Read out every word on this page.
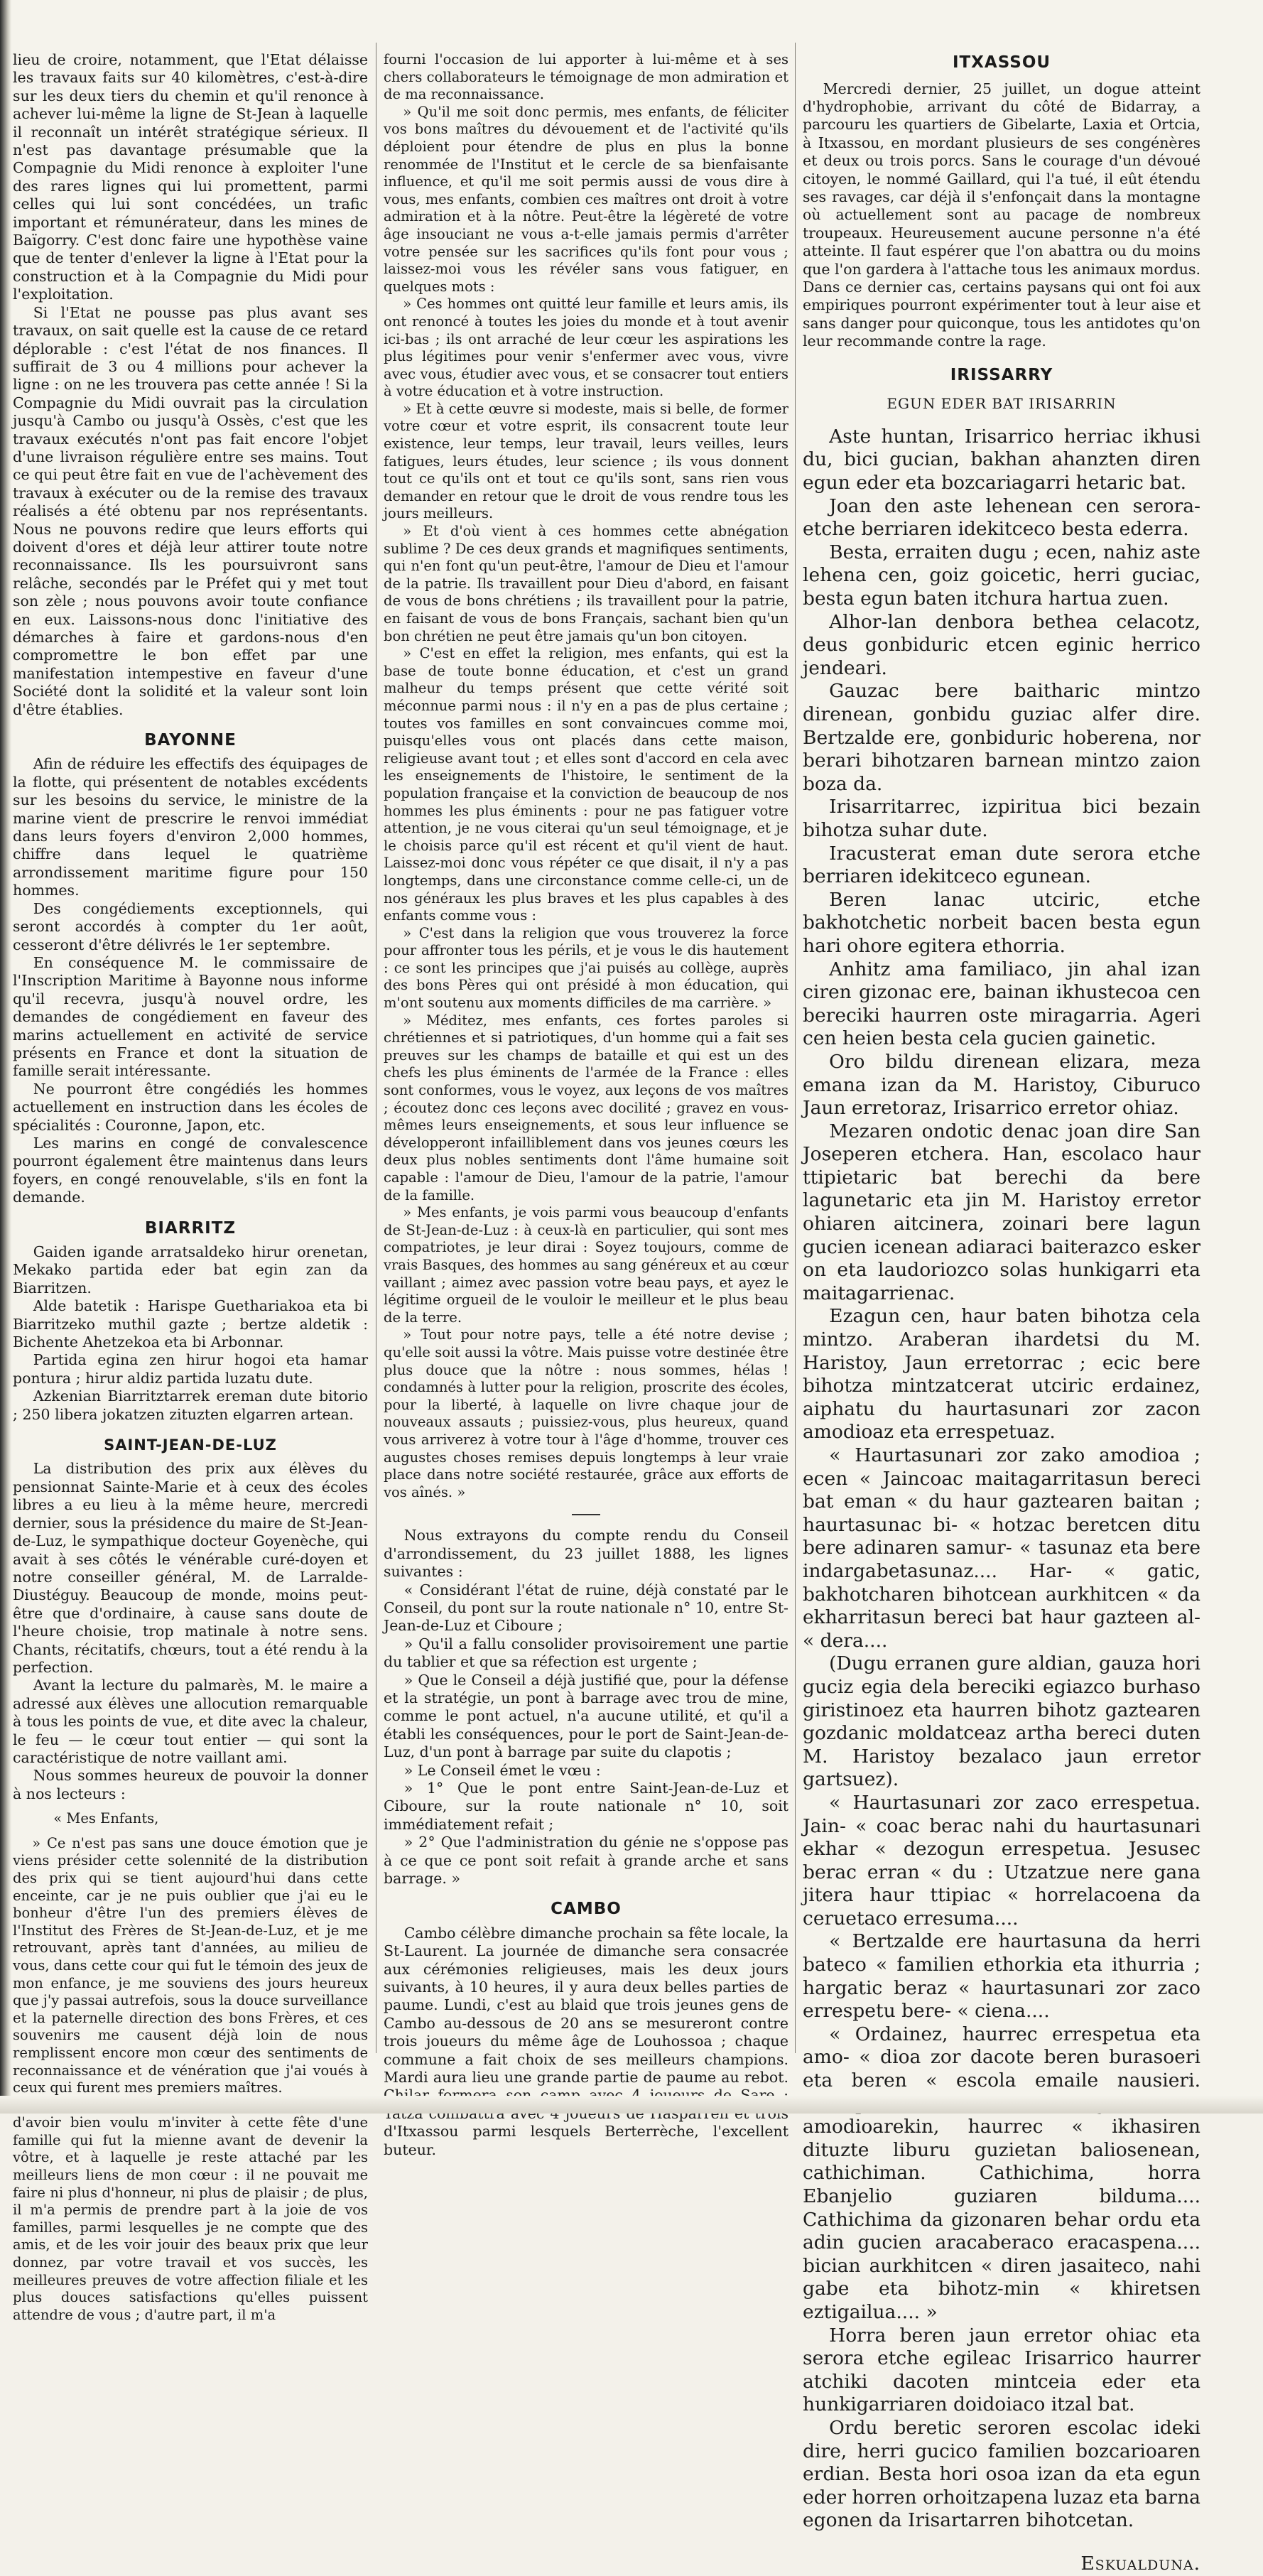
lieu de croire, notamment, que l'Etat délaisse les travaux faits sur 40 kilomètres, c'est-à-dire sur les deux tiers du chemin et qu'il renonce à achever lui-même la ligne de St-Jean à laquelle il reconnaît un intérêt stratégique sérieux. Il n'est pas davantage présumable que la Compagnie du Midi renonce à exploiter l'une des rares lignes qui lui promettent, parmi celles qui lui sont concédées, un trafic important et rémunérateur, dans les mines de Baïgorry. C'est donc faire une hypothèse vaine que de tenter d'enlever la ligne à l'Etat pour la construction et à la Compagnie du Midi pour l'exploitation.

Si l'Etat ne pousse pas plus avant ses travaux, on sait quelle est la cause de ce retard déplorable : c'est l'état de nos finances. Il suffirait de 3 ou 4 millions pour achever la ligne : on ne les trouvera pas cette année ! Si la Compagnie du Midi ouvrait pas la circulation jusqu'à Cambo ou jusqu'à Ossès, c'est que les travaux exécutés n'ont pas fait encore l'objet d'une livraison régulière entre ses mains. Tout ce qui peut être fait en vue de l'achèvement des travaux à exécuter ou de la remise des travaux réalisés a été obtenu par nos représentants. Nous ne pouvons redire que leurs efforts qui doivent d'ores et déjà leur attirer toute notre reconnaissance. Ils les poursuivront sans relâche, secondés par le Préfet qui y met tout son zèle ; nous pouvons avoir toute confiance en eux. Laissons-nous donc l'initiative des démarches à faire et gardons-nous d'en compromettre le bon effet par une manifestation intempestive en faveur d'une Société dont la solidité et la valeur sont loin d'être établies.

BAYONNE

Afin de réduire les effectifs des équipages de la flotte, qui présentent de notables excédents sur les besoins du service, le ministre de la marine vient de prescrire le renvoi immédiat dans leurs foyers d'environ 2,000 hommes, chiffre dans lequel le quatrième arrondissement maritime figure pour 150 hommes.

Des congédiements exceptionnels, qui seront accordés à compter du 1er août, cesseront d'être délivrés le 1er septembre.

En conséquence M. le commissaire de l'Inscription Maritime à Bayonne nous informe qu'il recevra, jusqu'à nouvel ordre, les demandes de congédiement en faveur des marins actuellement en activité de service présents en France et dont la situation de famille serait intéressante.

Ne pourront être congédiés les hommes actuellement en instruction dans les écoles de spécialités : Couronne, Japon, etc.

Les marins en congé de convalescence pourront également être maintenus dans leurs foyers, en congé renouvelable, s'ils en font la demande.

BIARRITZ

Gaiden igande arratsaldeko hirur orenetan, Mekako partida eder bat egin zan da Biarritzen.

Alde batetik : Harispe Guethariakoa eta bi Biarritzeko muthil gazte ; bertze aldetik : Bichente Ahetzekoa eta bi Arbonnar.

Partida egina zen hirur hogoi eta hamar pontura ; hirur aldiz partida luzatu dute.

Azkenian Biarritztarrek ereman dute bitorio ; 250 libera jokatzen zituzten elgarren artean.

SAINT-JEAN-DE-LUZ

La distribution des prix aux élèves du pensionnat Sainte-Marie et à ceux des écoles libres a eu lieu à la même heure, mercredi dernier, sous la présidence du maire de St-Jean-de-Luz, le sympathique docteur Goyenèche, qui avait à ses côtés le vénérable curé-doyen et notre conseiller général, M. de Larralde-Diustéguy. Beaucoup de monde, moins peut-être que d'ordinaire, à cause sans doute de l'heure choisie, trop matinale à notre sens. Chants, récitatifs, chœurs, tout a été rendu à la perfection.

Avant la lecture du palmarès, M. le maire a adressé aux élèves une allocution remarquable à tous les points de vue, et dite avec la chaleur, le feu — le cœur tout entier — qui sont la caractéristique de notre vaillant ami.

Nous sommes heureux de pouvoir la donner à nos lecteurs :

« Mes Enfants,

» Ce n'est pas sans une douce émotion que je viens présider cette solennité de la distribution des prix qui se tient aujourd'hui dans cette enceinte, car je ne puis oublier que j'ai eu le bonheur d'être l'un des premiers élèves de l'Institut des Frères de St-Jean-de-Luz, et je me retrouvant, après tant d'années, au milieu de vous, dans cette cour qui fut le témoin des jeux de mon enfance, je me souviens des jours heureux que j'y passai autrefois, sous la douce surveillance et la paternelle direction des bons Frères, et ces souvenirs me causent déjà loin de nous remplissent encore mon cœur des sentiments de reconnaissance et de vénération que j'ai voués à ceux qui furent mes premiers maîtres.

d'avoir bien voulu m'inviter à cette fête d'une famille qui fut la mienne avant de devenir la vôtre, et à laquelle je reste attaché par les meilleurs liens de mon cœur : il ne pouvait me faire ni plus d'honneur, ni plus de plaisir ; de plus, il m'a permis de prendre part à la joie de vos familles, parmi lesquelles je ne compte que des amis, et de les voir jouir des beaux prix que leur donnez, par votre travail et vos succès, les meilleures preuves de votre affection filiale et les plus douces satisfactions qu'elles puissent attendre de vous ; d'autre part, il m'a

fourni l'occasion de lui apporter à lui-même et à ses chers collaborateurs le témoignage de mon admiration et de ma reconnaissance.

» Qu'il me soit donc permis, mes enfants, de féliciter vos bons maîtres du dévouement et de l'activité qu'ils déploient pour étendre de plus en plus la bonne renommée de l'Institut et le cercle de sa bienfaisante influence, et qu'il me soit permis aussi de vous dire à vous, mes enfants, combien ces maîtres ont droit à votre admiration et à la nôtre. Peut-être la légèreté de votre âge insouciant ne vous a-t-elle jamais permis d'arrêter votre pensée sur les sacrifices qu'ils font pour vous ; laissez-moi vous les révéler sans vous fatiguer, en quelques mots :

» Ces hommes ont quitté leur famille et leurs amis, ils ont renoncé à toutes les joies du monde et à tout avenir ici-bas ; ils ont arraché de leur cœur les aspirations les plus légitimes pour venir s'enfermer avec vous, vivre avec vous, étudier avec vous, et se consacrer tout entiers à votre éducation et à votre instruction.

» Et à cette œuvre si modeste, mais si belle, de former votre cœur et votre esprit, ils consacrent toute leur existence, leur temps, leur travail, leurs veilles, leurs fatigues, leurs études, leur science ; ils vous donnent tout ce qu'ils ont et tout ce qu'ils sont, sans rien vous demander en retour que le droit de vous rendre tous les jours meilleurs.

» Et d'où vient à ces hommes cette abnégation sublime ? De ces deux grands et magnifiques sentiments, qui n'en font qu'un peut-être, l'amour de Dieu et l'amour de la patrie. Ils travaillent pour Dieu d'abord, en faisant de vous de bons chrétiens ; ils travaillent pour la patrie, en faisant de vous de bons Français, sachant bien qu'un bon chrétien ne peut être jamais qu'un bon citoyen.

» C'est en effet la religion, mes enfants, qui est la base de toute bonne éducation, et c'est un grand malheur du temps présent que cette vérité soit méconnue parmi nous : il n'y en a pas de plus certaine ; toutes vos familles en sont convaincues comme moi, puisqu'elles vous ont placés dans cette maison, religieuse avant tout ; et elles sont d'accord en cela avec les enseignements de l'histoire, le sentiment de la population française et la conviction de beaucoup de nos hommes les plus éminents : pour ne pas fatiguer votre attention, je ne vous citerai qu'un seul témoignage, et je le choisis parce qu'il est récent et qu'il vient de haut. Laissez-moi donc vous répéter ce que disait, il n'y a pas longtemps, dans une circonstance comme celle-ci, un de nos généraux les plus braves et les plus capables à des enfants comme vous :

» C'est dans la religion que vous trouverez la force pour affronter tous les périls, et je vous le dis hautement : ce sont les principes que j'ai puisés au collège, auprès des bons Pères qui ont présidé à mon éducation, qui m'ont soutenu aux moments difficiles de ma carrière. »

» Méditez, mes enfants, ces fortes paroles si chrétiennes et si patriotiques, d'un homme qui a fait ses preuves sur les champs de bataille et qui est un des chefs les plus éminents de l'armée de la France : elles sont conformes, vous le voyez, aux leçons de vos maîtres ; écoutez donc ces leçons avec docilité ; gravez en vous-mêmes leurs enseignements, et sous leur influence se développeront infailliblement dans vos jeunes cœurs les deux plus nobles sentiments dont l'âme humaine soit capable : l'amour de Dieu, l'amour de la patrie, l'amour de la famille.

» Mes enfants, je vois parmi vous beaucoup d'enfants de St-Jean-de-Luz : à ceux-là en particulier, qui sont mes compatriotes, je leur dirai : Soyez toujours, comme de vrais Basques, des hommes au sang généreux et au cœur vaillant ; aimez avec passion votre beau pays, et ayez le légitime orgueil de le vouloir le meilleur et le plus beau de la terre.

» Tout pour notre pays, telle a été notre devise ; qu'elle soit aussi la vôtre. Mais puisse votre destinée être plus douce que la nôtre : nous sommes, hélas ! condamnés à lutter pour la religion, proscrite des écoles, pour la liberté, à laquelle on livre chaque jour de nouveaux assauts ; puissiez-vous, plus heureux, quand vous arriverez à votre tour à l'âge d'homme, trouver ces augustes choses remises depuis longtemps à leur vraie place dans notre société restaurée, grâce aux efforts de vos aînés. »

Nous extrayons du compte rendu du Conseil d'arrondissement, du 23 juillet 1888, les lignes suivantes :

« Considérant l'état de ruine, déjà constaté par le Conseil, du pont sur la route nationale n° 10, entre St-Jean-de-Luz et Ciboure ;

» Qu'il a fallu consolider provisoirement une partie du tablier et que sa réfection est urgente ;

» Que le Conseil a déjà justifié que, pour la défense et la stratégie, un pont à barrage avec trou de mine, comme le pont actuel, n'a aucune utilité, et qu'il a établi les conséquences, pour le port de Saint-Jean-de-Luz, d'un pont à barrage par suite du clapotis ;

» Le Conseil émet le vœu :

» 1° Que le pont entre Saint-Jean-de-Luz et Ciboure, sur la route nationale n° 10, soit immédiatement refait ;

» 2° Que l'administration du génie ne s'oppose pas à ce que ce pont soit refait à grande arche et sans barrage. »

CAMBO

Cambo célèbre dimanche prochain sa fête locale, la St-Laurent. La journée de dimanche sera consacrée aux cérémonies religieuses, mais les deux jours suivants, à 10 heures, il y aura deux belles parties de paume. Lundi, c'est au blaid que trois jeunes gens de Cambo au-dessous de 20 ans se mesureront contre trois joueurs du même âge de Louhossoa ; chaque commune a fait choix de ses meilleurs champions. Mardi aura lieu une grande partie de paume au rebot. d'Itxassou parmi lesquels Berterrèche, l'excellent buteur.

ITXASSOU

Mercredi dernier, 25 juillet, un dogue atteint d'hydrophobie, arrivant du côté de Bidarray, a parcouru les quartiers de Gibelarte, Laxia et Ortcia, à Itxassou, en mordant plusieurs de ses congénères et deux ou trois porcs. Sans le courage d'un dévoué citoyen, le nommé Gaillard, qui l'a tué, il eût étendu ses ravages, car déjà il s'enfonçait dans la montagne où actuellement sont au pacage de nombreux troupeaux. Heureusement aucune personne n'a été atteinte. Il faut espérer que l'on abattra ou du moins que l'on gardera à l'attache tous les animaux mordus. Dans ce dernier cas, certains paysans qui ont foi aux empiriques pourront expérimenter tout à leur aise et sans danger pour quiconque, tous les antidotes qu'on leur recommande contre la rage.

IRISSARRY
EGUN EDER BAT IRISARRIN

Aste huntan, Irisarrico herriac ikhusi du, bici gucian, bakhan ahanzten diren egun eder eta bozcariagarri hetaric bat.

Joan den aste lehenean cen serora-etche berriaren idekitceco besta ederra.

Besta, erraiten dugu ; ecen, nahiz aste lehena cen, goiz goicetic, herri guciac, besta egun baten itchura hartua zuen.

Alhor-lan denbora bethea celacotz, deus gonbiduric etcen eginic herrico jendeari.

Gauzac bere baitharic mintzo direnean, gonbidu guziac alfer dire. Bertzalde ere, gonbiduric hoberena, nor berari bihotzaren barnean mintzo zaion boza da.

Irisarritarrec, izpiritua bici bezain bihotza suhar dute.

Iracusterat eman dute serora etche berriaren idekitceco egunean.

Beren lanac utciric, etche bakhotchetic norbeit bacen besta egun hari ohore egitera ethorria.

Anhitz ama familiaco, jin ahal izan ciren gizonac ere, bainan ikhustecoa cen bereciki haurren oste miragarria. Ageri cen heien besta cela gucien gainetic.

Oro bildu direnean elizara, meza emana izan da M. Haristoy, Ciburuco Jaun erretoraz, Irisarrico erretor ohiaz.

Mezaren ondotic denac joan dire San Joseperen etchera. Han, escolaco haur ttipietaric bat berechi da bere lagunetaric eta jin M. Haristoy erretor ohiaren aitcinera, zoinari bere lagun gucien icenean adiaraci baiterazco esker on eta laudoriozco solas hunkigarri eta maitagarrienac.

Ezagun cen, haur baten bihotza cela mintzo. Araberan ihardetsi du M. Haristoy, Jaun erretorrac ; ecic bere bihotza mintzatcerat utciric erdainez, aiphatu du haurtasunari zor zacon amodioaz eta errespetuaz.

« Haurtasunari zor zako amodioa ; ecen « Jaincoac maitagarritasun bereci bat eman « du haur gaztearen baitan ; haurtasunac bi- « hotzac beretcen ditu bere adinaren samur- « tasunaz eta bere indargabetasunaz.... Har- « gatic, bakhotcharen bihotcean aurkhitcen « da ekharritasun bereci bat haur gazteen al- « dera....

(Dugu erranen gure aldian, gauza hori guciz egia dela bereciki egiazco burhaso giristinoez eta haurren bihotz gaztearen gozdanic moldatceaz artha bereci duten M. Haristoy bezalaco jaun erretor gartsuez).

« Haurtasunari zor zaco errespetua. Jain- « coac berac nahi du haurtasunari ekhar « dezogun errespetua. Jesusec berac erran « du : Utzatzue nere gana jitera haur ttipiac « horrelacoena da ceruetaco erresuma....

« Bertzalde ere haurtasuna da herri bateco « familien ethorkia eta ithurria ; hargatic beraz « haurtasunari zor zaco errespetu bere- « ciena....

« Ordainez, haurrec errespetua eta amo- « dioa zor dacote beren burasoeri eta beren « escola emaile nausieri. amodioarekin, haurrec « ikhasiren dituzte liburu guzietan baliosenean, cathichiman. Cathichima, horra Ebanjelio guziaren bilduma.... Cathichima da gizonaren behar ordu eta adin gucien aracaberaco eracaspena.... bician aurkhitcen « diren jasaiteco, nahi gabe eta bihotz-min « khiretsen eztigailua.... »

Horra beren jaun erretor ohiac eta serora etche egileac Irisarrico haurrer atchiki dacoten mintceia eder eta hunkigarriaren doidoiaco itzal bat.

Ordu beretic seroren escolac ideki dire, herri gucico familien bozcarioaren erdian. Besta hori osoa izan da eta egun eder horren orhoitzapena luzaz eta barna egonen da Irisartarren bihotcetan.

Eskualduna.
